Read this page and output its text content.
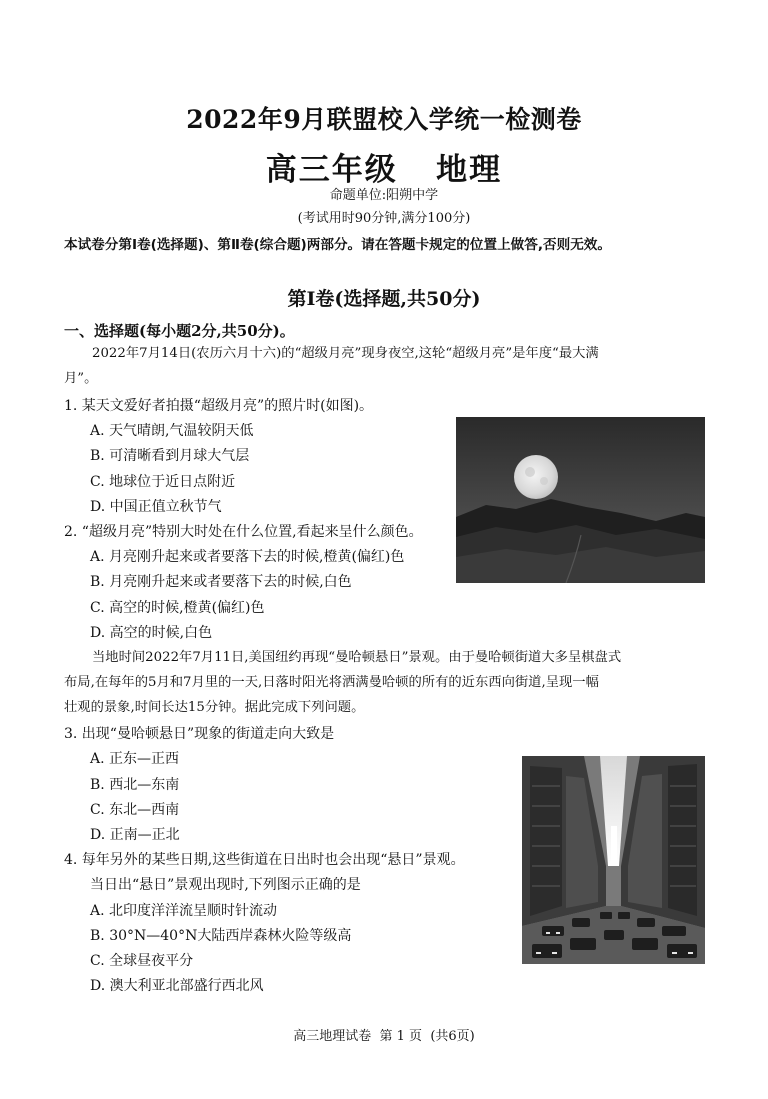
2022年9月联盟校入学统一检测卷
高三年级   地理
命题单位:阳朔中学
(考试用时90分钟,满分100分)
本试卷分第Ⅰ卷(选择题)、第Ⅱ卷(综合题)两部分。请在答题卡规定的位置上做答,否则无效。
第Ⅰ卷(选择题,共50分)
一、选择题(每小题2分,共50分)。
2022年7月14日(农历六月十六)的“超级月亮”现身夜空,这轮“超级月亮”是年度“最大满
月”。
1. 某天文爱好者拍摄“超级月亮”的照片时(如图)。
A. 天气晴朗,气温较阴天低
B. 可清晰看到月球大气层
C. 地球位于近日点附近
D. 中国正值立秋节气
2. “超级月亮”特别大时处在什么位置,看起来呈什么颜色。
A. 月亮刚升起来或者要落下去的时候,橙黄(偏红)色
B. 月亮刚升起来或者要落下去的时候,白色
C. 高空的时候,橙黄(偏红)色
D. 高空的时候,白色
当地时间2022年7月11日,美国纽约再现“曼哈顿悬日”景观。由于曼哈顿街道大多呈棋盘式
布局,在每年的5月和7月里的一天,日落时阳光将洒满曼哈顿的所有的近东西向街道,呈现一幅
壮观的景象,时间长达15分钟。据此完成下列问题。
3. 出现“曼哈顿悬日”现象的街道走向大致是
A. 正东—正西
B. 西北—东南
C. 东北—西南
D. 正南—正北
4. 每年另外的某些日期,这些街道在日出时也会出现“悬日”景观。
当日出“悬日”景观出现时,下列图示正确的是
A. 北印度洋洋流呈顺时针流动
B. 30°N—40°N大陆西岸森林火险等级高
C. 全球昼夜平分
D. 澳大利亚北部盛行西北风
高三地理试卷  第 1 页  (共6页)
